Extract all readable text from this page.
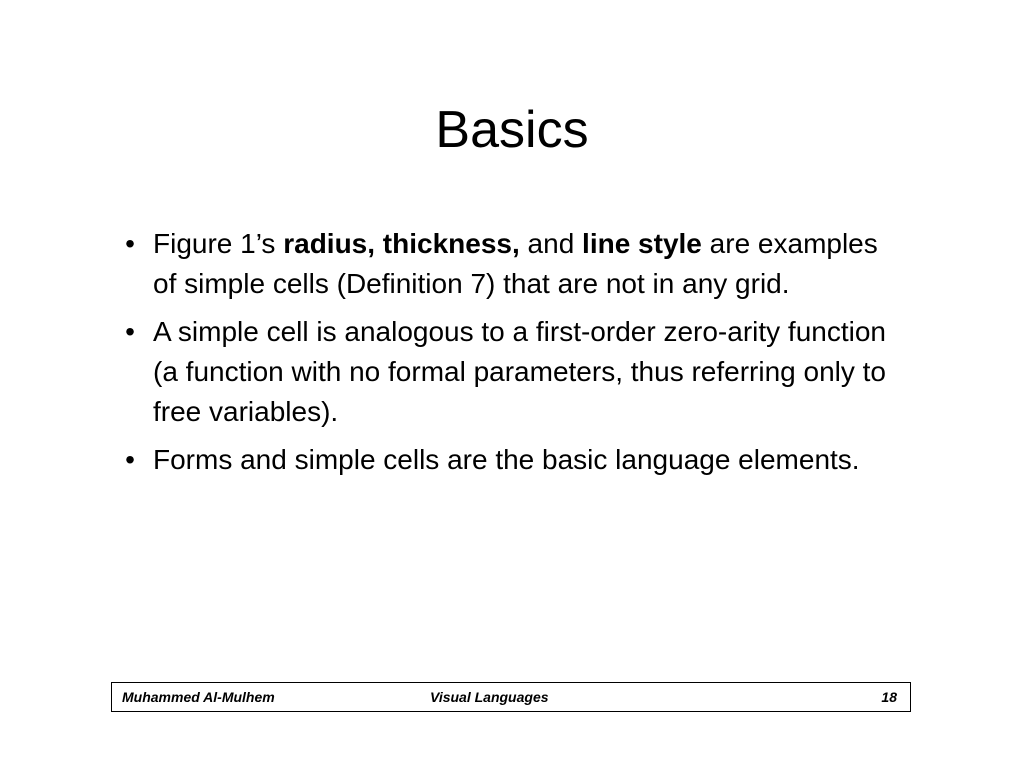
Basics
• Figure 1’s radius, thickness, and line style are examples of simple cells (Definition 7) that are not in any grid.
• A simple cell is analogous to a first-order zero-arity function (a function with no formal parameters, thus referring only to free variables).
• Forms and simple cells are the basic language elements.
Muhammed Al-Mulhem	Visual Languages	18
